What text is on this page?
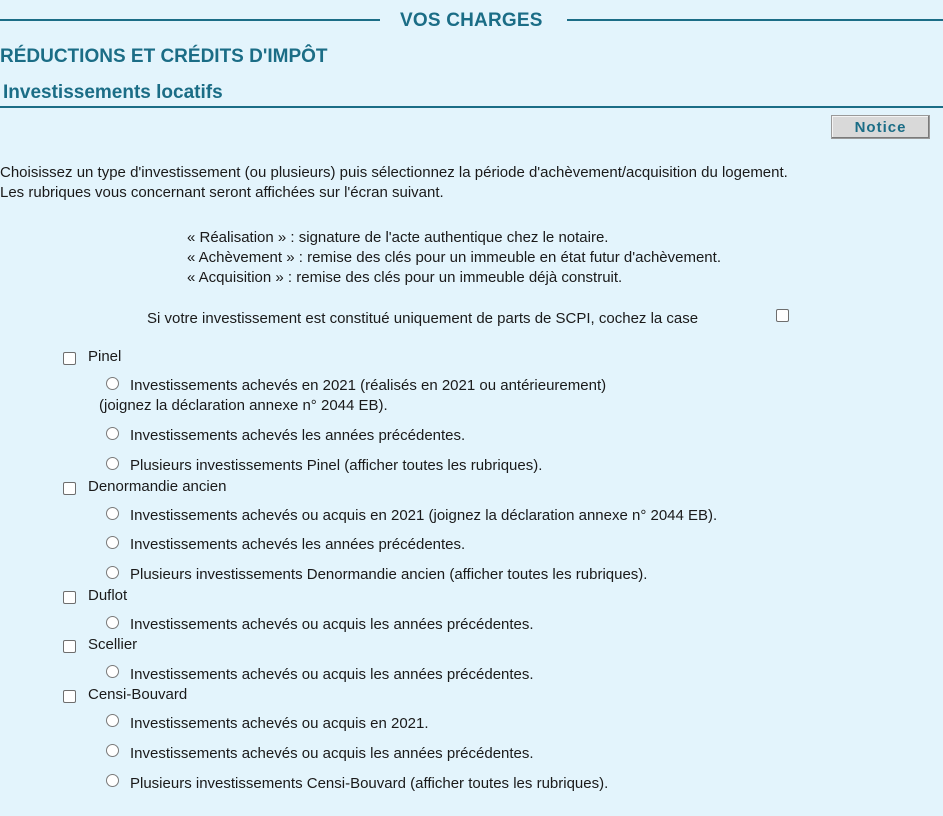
VOS CHARGES
RÉDUCTIONS ET CRÉDITS D'IMPÔT
Investissements locatifs
Notice
Choisissez un type d'investissement (ou plusieurs) puis sélectionnez la période d'achèvement/acquisition du logement.
Les rubriques vous concernant seront affichées sur l'écran suivant.
« Réalisation » : signature de l'acte authentique chez le notaire.
« Achèvement » : remise des clés pour un immeuble en état futur d'achèvement.
« Acquisition » : remise des clés pour un immeuble déjà construit.
Si votre investissement est constitué uniquement de parts de SCPI, cochez la case
Pinel
Investissements achevés en 2021 (réalisés en 2021 ou antérieurement)
(joignez la déclaration annexe n° 2044 EB).
Investissements achevés les années précédentes.
Plusieurs investissements Pinel (afficher toutes les rubriques).
Denormandie ancien
Investissements achevés ou acquis en 2021 (joignez la déclaration annexe n° 2044 EB).
Investissements achevés les années précédentes.
Plusieurs investissements Denormandie ancien (afficher toutes les rubriques).
Duflot
Investissements achevés ou acquis les années précédentes.
Scellier
Investissements achevés ou acquis les années précédentes.
Censi-Bouvard
Investissements achevés ou acquis en 2021.
Investissements achevés ou acquis les années précédentes.
Plusieurs investissements Censi-Bouvard (afficher toutes les rubriques).
